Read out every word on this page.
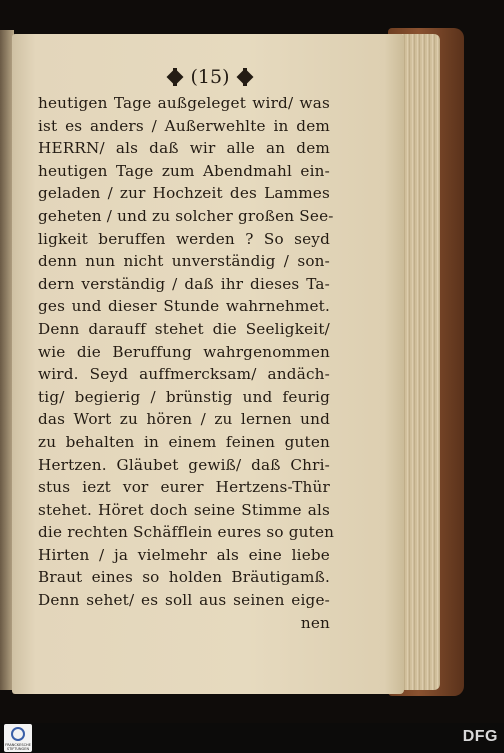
(15)
heutigen Tage außgeleget wird/ was
ist es anders / Außerwehlte in dem
HERRN/ als daß wir alle an dem
heutigen Tage zum Abendmahl ein-
geladen / zur Hochzeit des Lammes
geheten / und zu solcher großen See-
ligkeit beruffen werden ? So seyd
denn nun nicht unverständig / son-
dern verständig / daß ihr dieses Ta-
ges und dieser Stunde wahrnehmet.
Denn darauff stehet die Seeligkeit/
wie die Beruffung wahrgenommen
wird. Seyd auffmercksam/ andäch-
tig/ begierig / brünstig und feurig
das Wort zu hören / zu lernen und
zu behalten in einem feinen guten
Hertzen. Gläubet gewiß/ daß Chri-
stus iezt vor eurer Hertzens-Thür
stehet. Höret doch seine Stimme als
die rechten Schäfflein eures so guten
Hirten / ja vielmehr als eine liebe
Braut eines so holden Bräutigamß.
Denn sehet/ es soll aus seinen eige-
nen
FRANCKESCHE STIFTUNGEN
DFG
